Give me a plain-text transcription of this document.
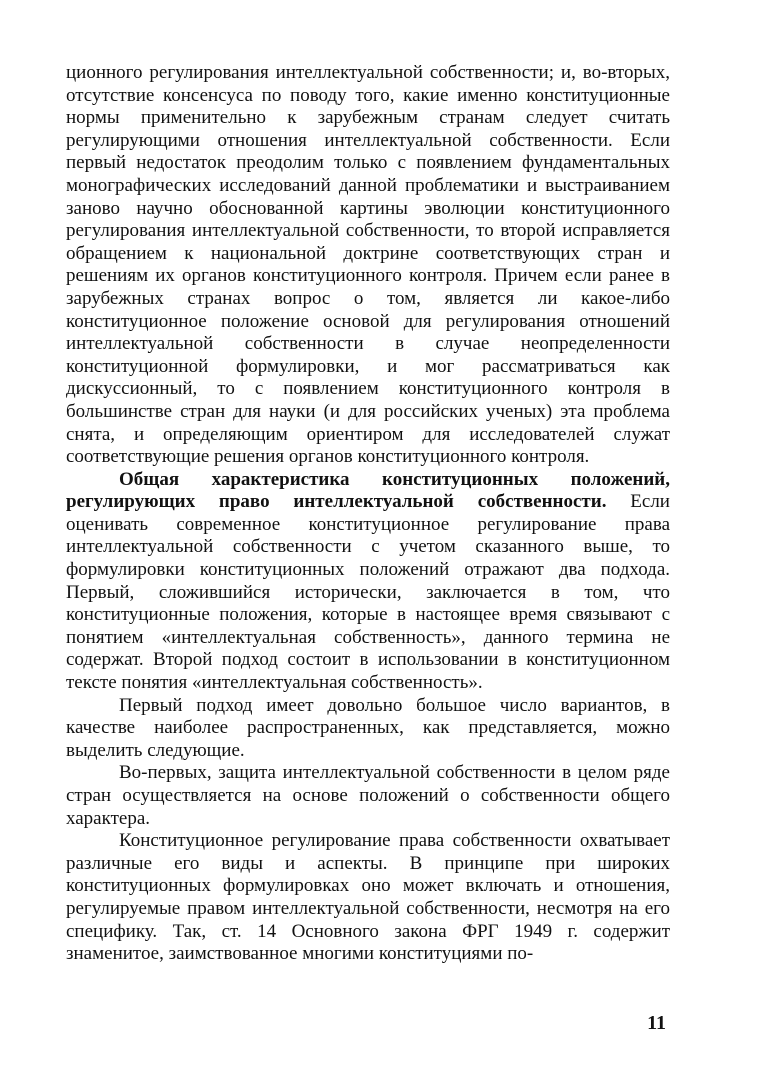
ционного регулирования интеллектуальной собственности; и, во-вторых, отсутствие консенсуса по поводу того, какие именно конституционные нормы применительно к зарубежным странам следует считать регулирующими отношения интеллектуальной собственности. Если первый недостаток преодолим только с появлением фундаментальных монографических исследований данной проблематики и выстраиванием заново научно обоснованной картины эволюции конституционного регулирования интеллектуальной собственности, то второй исправляется обращением к национальной доктрине соответствующих стран и решениям их органов конституционного контроля. Причем если ранее в зарубежных странах вопрос о том, является ли какое-либо конституционное положение основой для регулирования отношений интеллектуальной собственности в случае неопределенности конституционной формулировки, и мог рассматриваться как дискуссионный, то с появлением конституционного контроля в большинстве стран для науки (и для российских ученых) эта проблема снята, и определяющим ориентиром для исследователей служат соответствующие решения органов конституционного контроля.

Общая характеристика конституционных положений, регулирующих право интеллектуальной собственности. Если оценивать современное конституционное регулирование права интеллектуальной собственности с учетом сказанного выше, то формулировки конституционных положений отражают два подхода. Первый, сложившийся исторически, заключается в том, что конституционные положения, которые в настоящее время связывают с понятием «интеллектуальная собственность», данного термина не содержат. Второй подход состоит в использовании в конституционном тексте понятия «интеллектуальная собственность».

Первый подход имеет довольно большое число вариантов, в качестве наиболее распространенных, как представляется, можно выделить следующие.

Во-первых, защита интеллектуальной собственности в целом ряде стран осуществляется на основе положений о собственности общего характера.

Конституционное регулирование права собственности охватывает различные его виды и аспекты. В принципе при широких конституционных формулировках оно может включать и отношения, регулируемые правом интеллектуальной собственности, несмотря на его специфику. Так, ст. 14 Основного закона ФРГ 1949 г. содержит знаменитое, заимствованное многими конституциями по-

11
